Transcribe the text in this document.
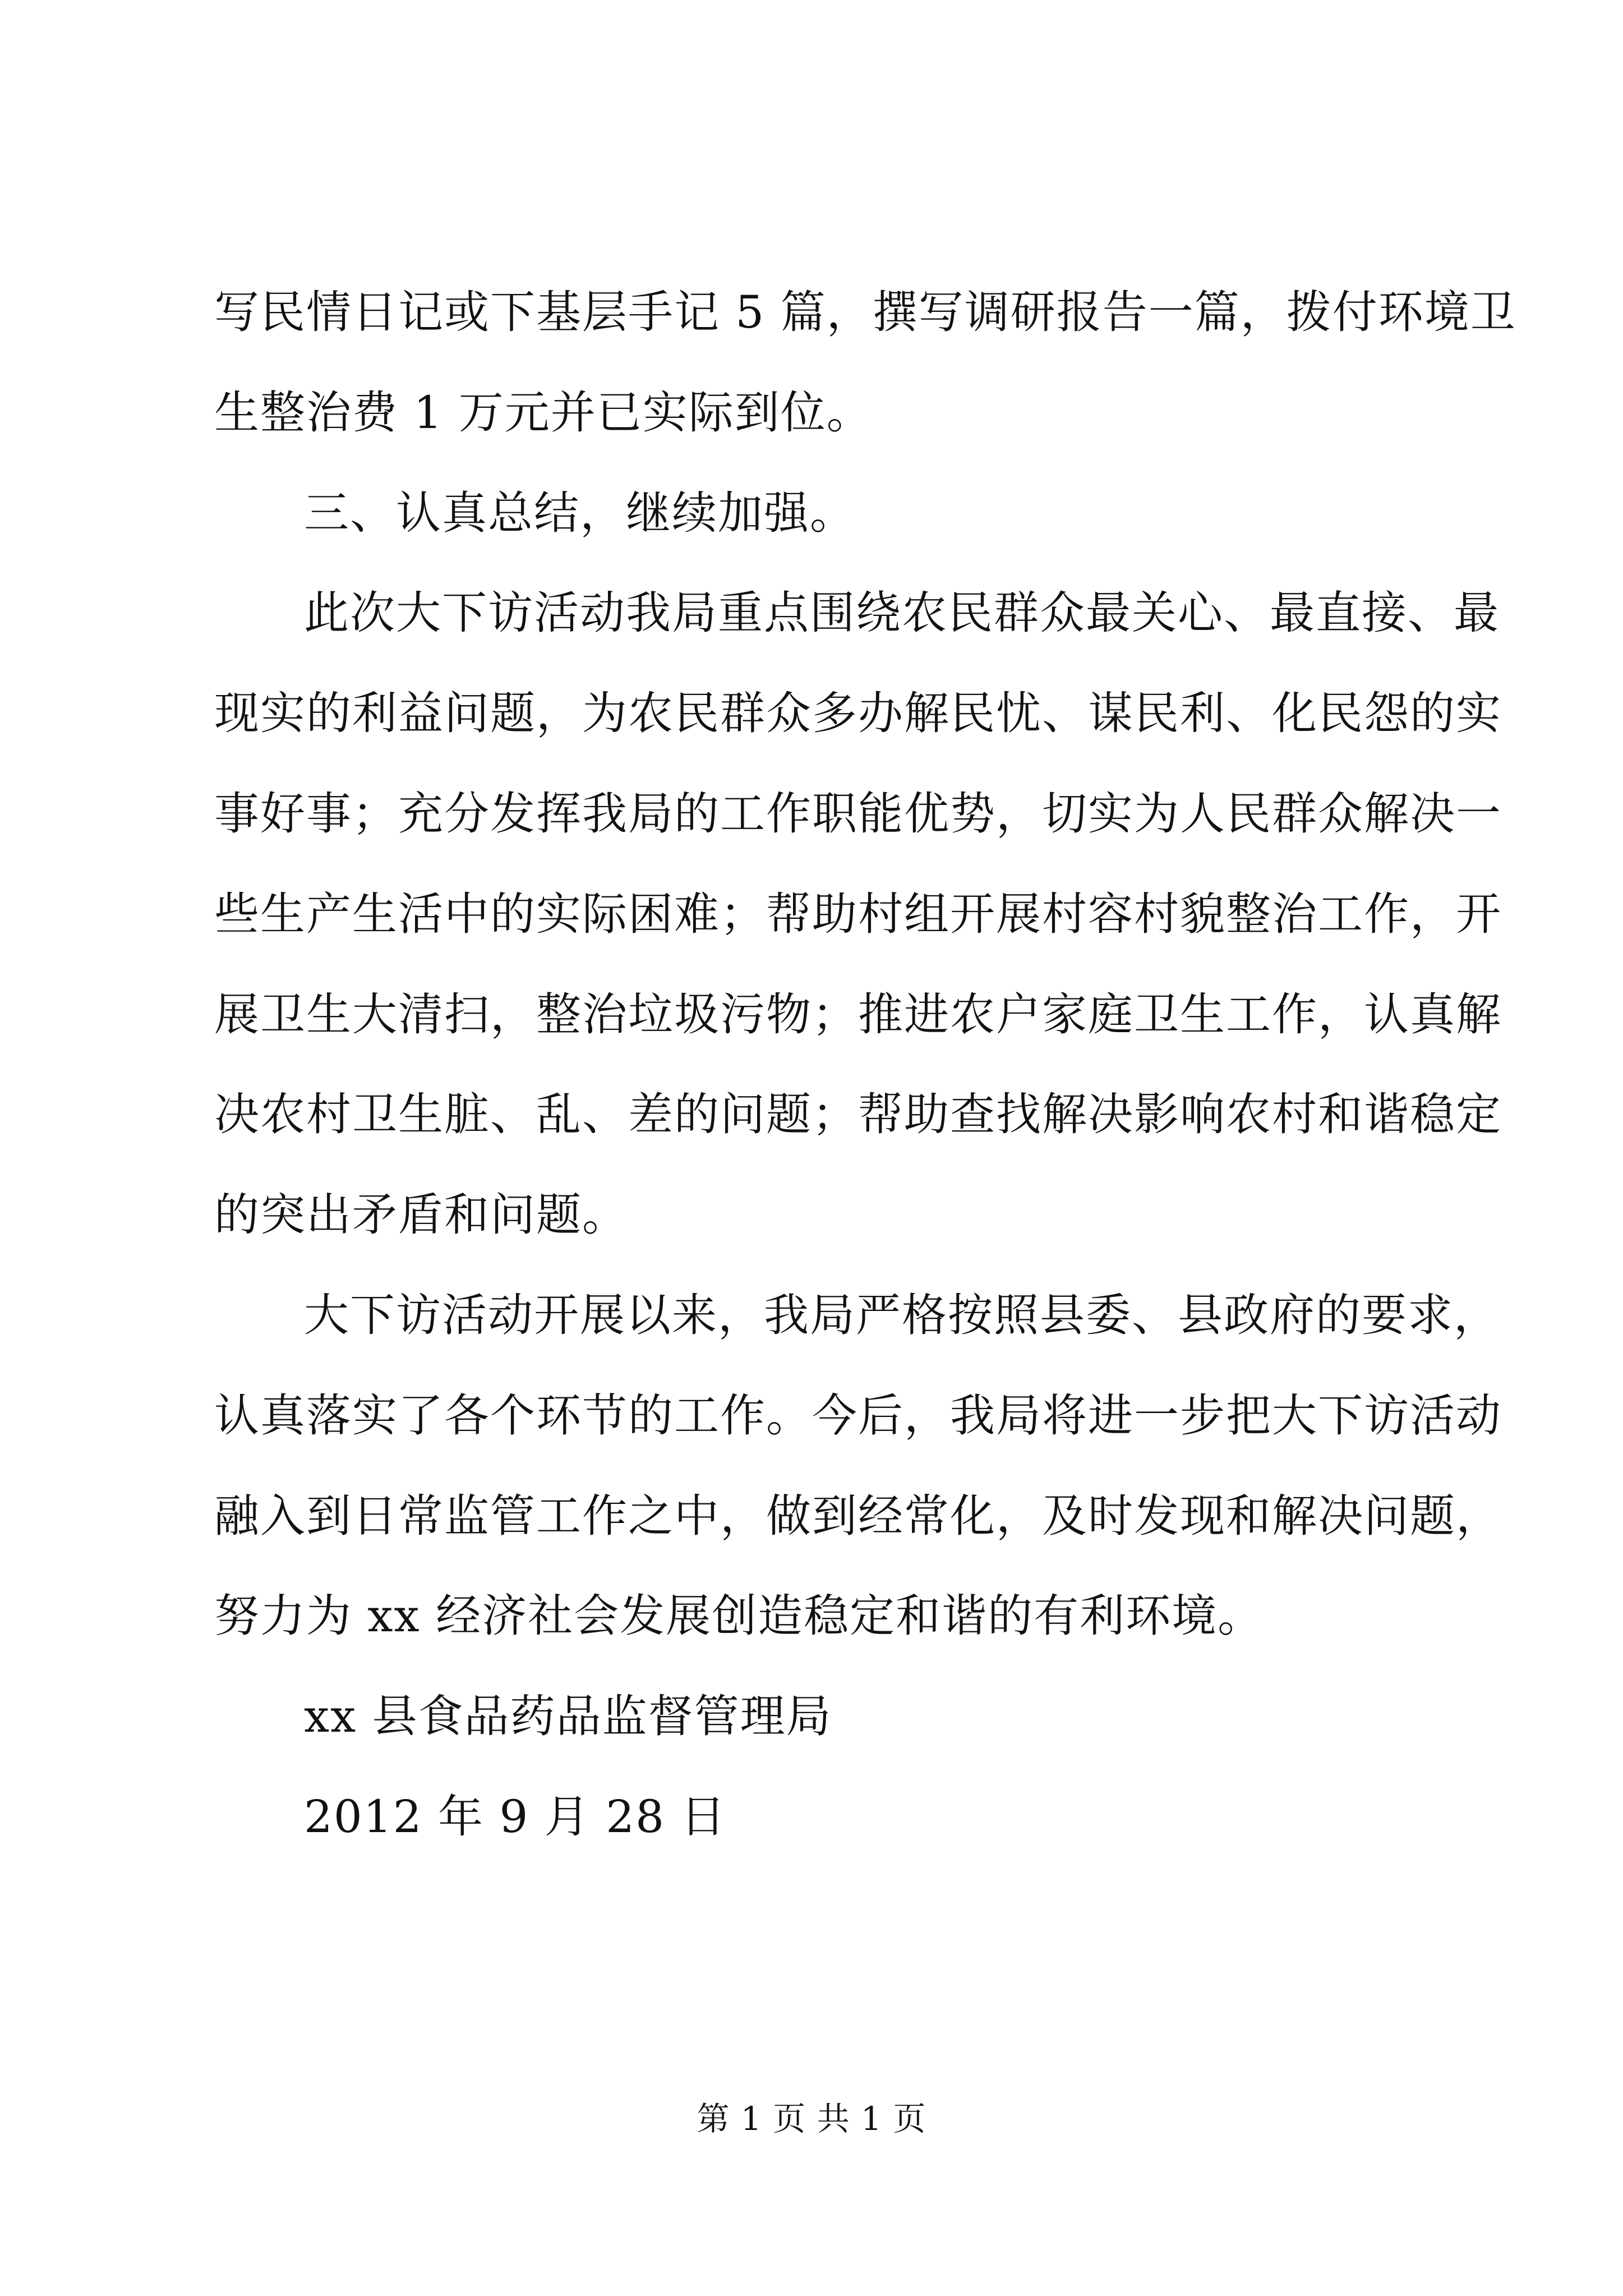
写民情日记或下基层手记 5 篇，撰写调研报告一篇，拨付环境卫
生整治费 1 万元并已实际到位。
三、认真总结，继续加强。
此次大下访活动我局重点围绕农民群众最关心、最直接、最
现实的利益问题，为农民群众多办解民忧、谋民利、化民怨的实
事好事；充分发挥我局的工作职能优势，切实为人民群众解决一
些生产生活中的实际困难；帮助村组开展村容村貌整治工作，开
展卫生大清扫，整治垃圾污物；推进农户家庭卫生工作，认真解
决农村卫生脏、乱、差的问题；帮助查找解决影响农村和谐稳定
的突出矛盾和问题。
大下访活动开展以来，我局严格按照县委、县政府的要求，
认真落实了各个环节的工作。今后，我局将进一步把大下访活动
融入到日常监管工作之中，做到经常化，及时发现和解决问题，
努力为 xx 经济社会发展创造稳定和谐的有利环境。
xx 县食品药品监督管理局
2012 年 9 月 28 日
第 1 页 共 1 页
